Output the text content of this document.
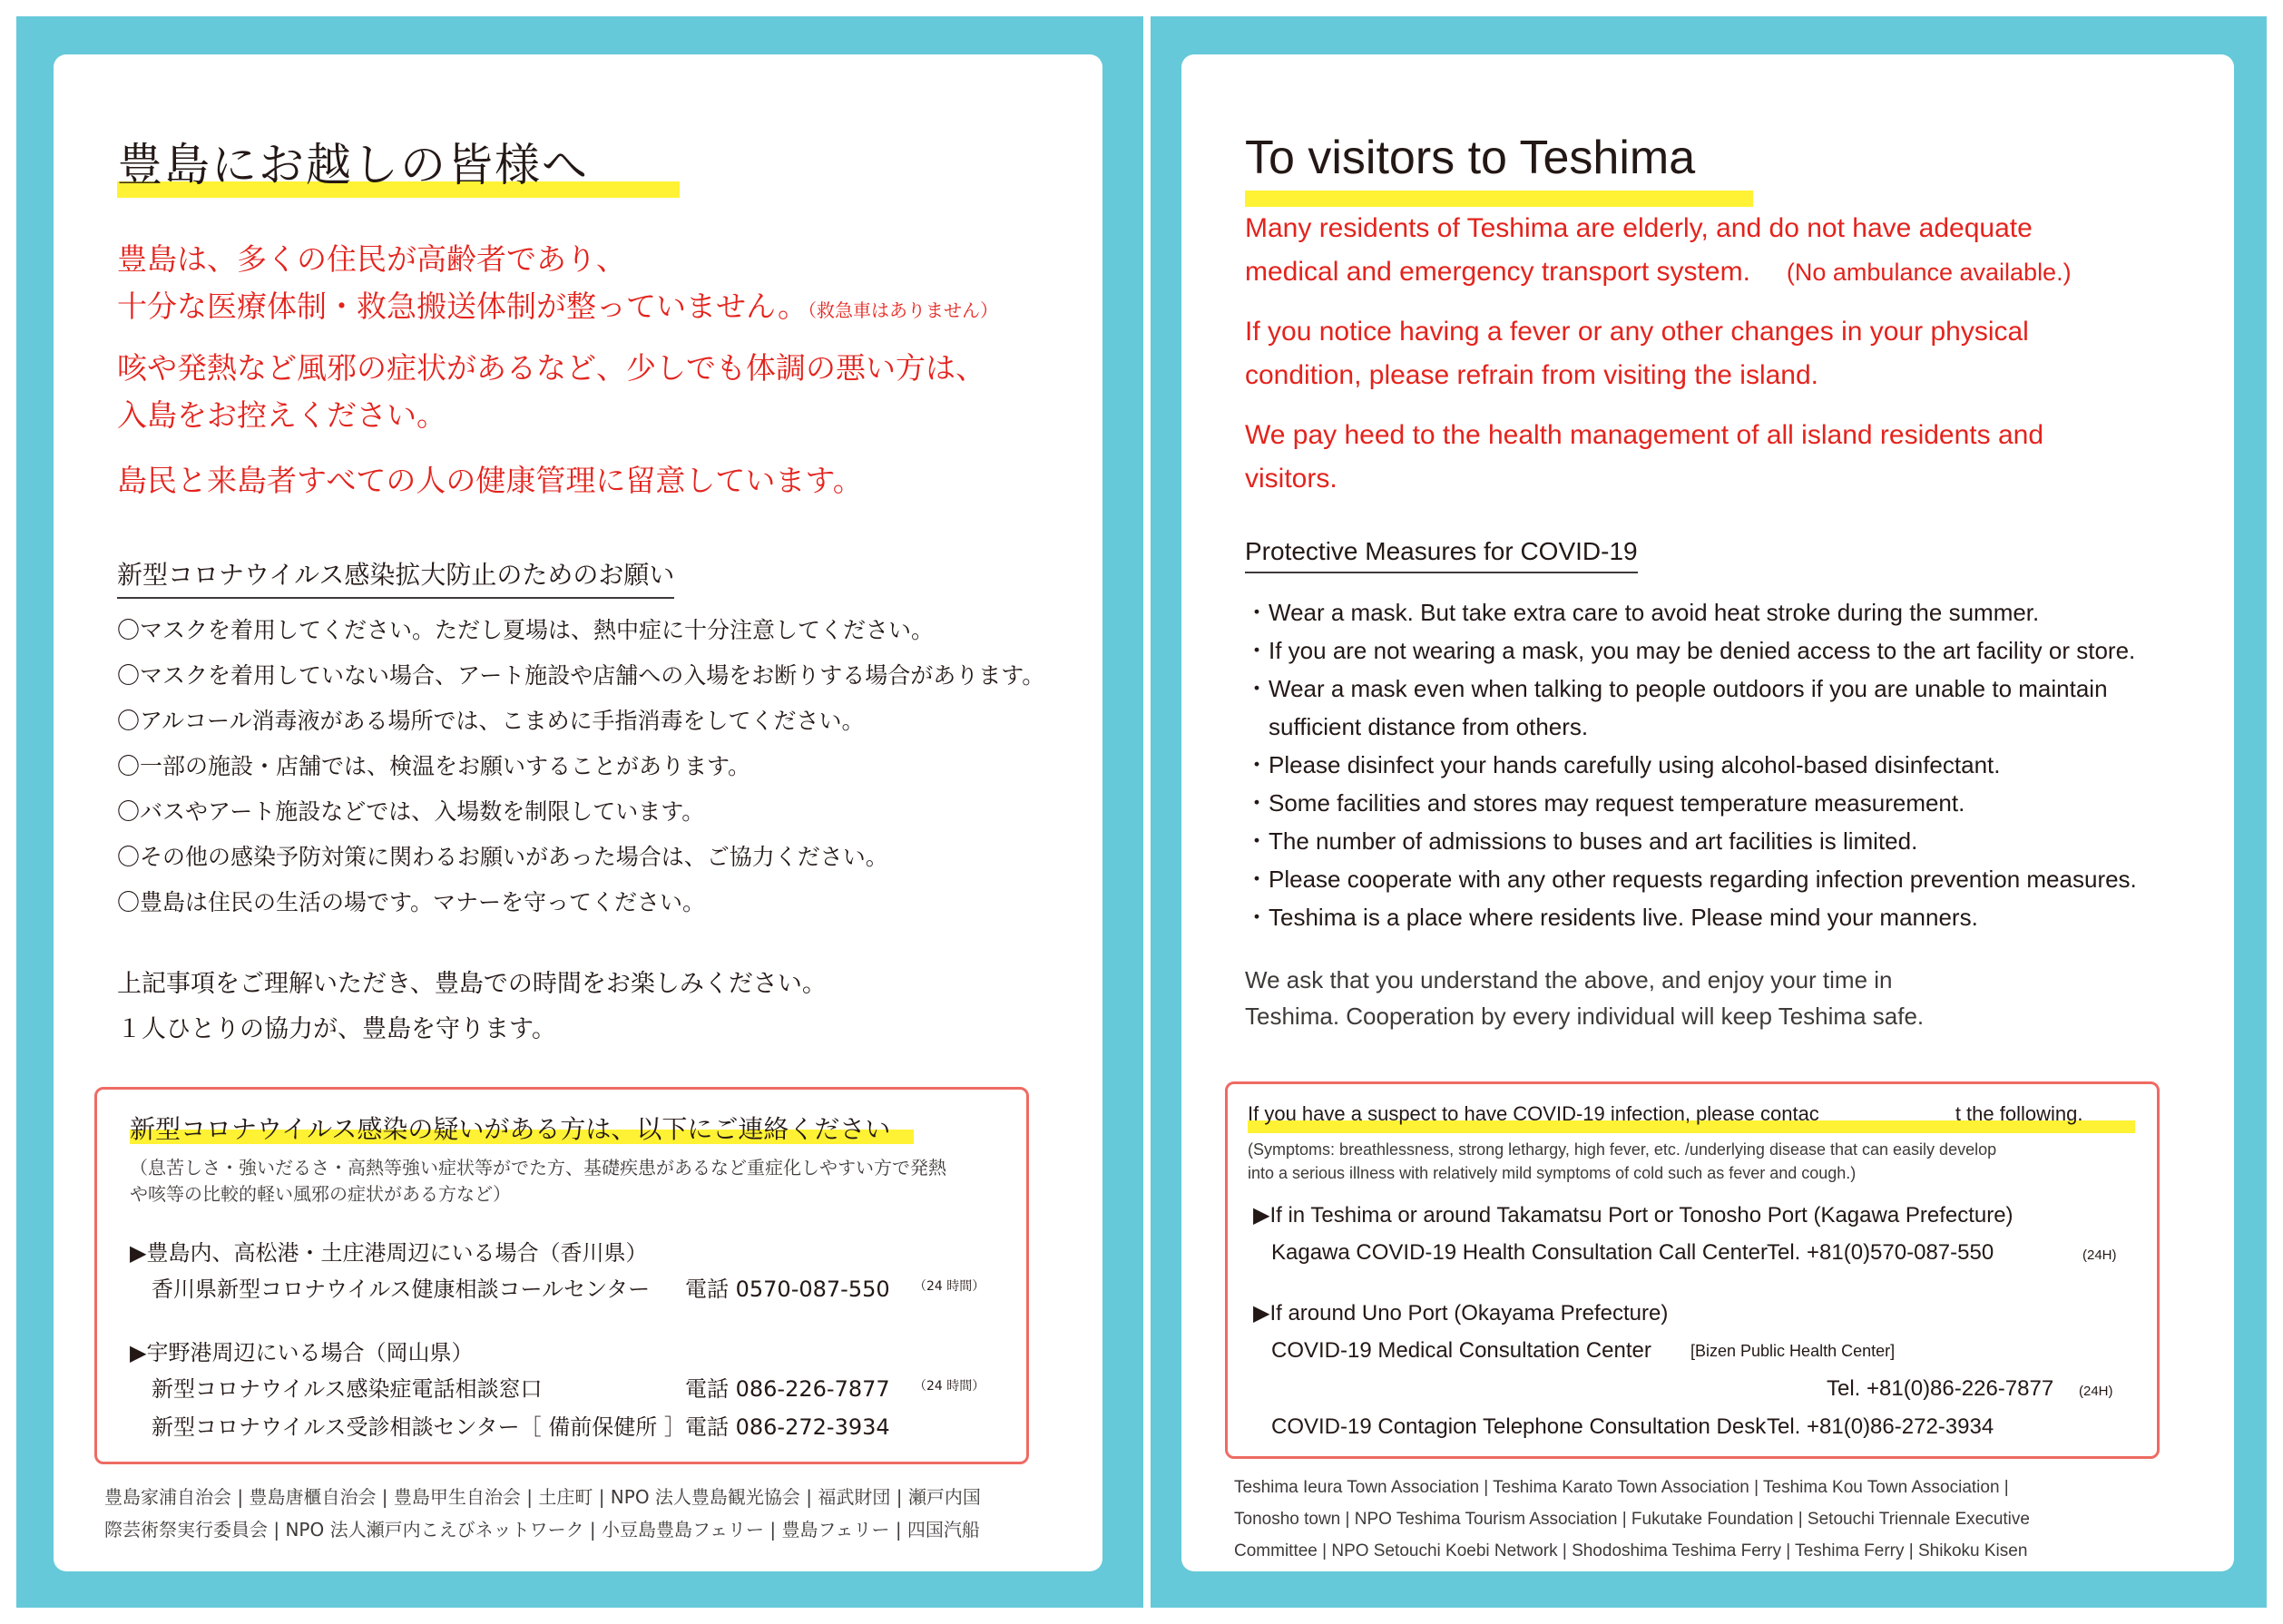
豊島にお越しの皆様へ
豊島は、多くの住民が高齢者であり、
十分な医療体制・救急搬送体制が整っていません。（救急車はありません）
咳や発熱など風邪の症状があるなど、少しでも体調の悪い方は、
入島をお控えください。
島民と来島者すべての人の健康管理に留意しています。
新型コロナウイルス感染拡大防止のためのお願い
〇マスクを着用してください。ただし夏場は、熱中症に十分注意してください。
〇マスクを着用していない場合、アート施設や店舗への入場をお断りする場合があります。
〇アルコール消毒液がある場所では、こまめに手指消毒をしてください。
〇一部の施設・店舗では、検温をお願いすることがあります。
〇バスやアート施設などでは、入場数を制限しています。
〇その他の感染予防対策に関わるお願いがあった場合は、ご協力ください。
〇豊島は住民の生活の場です。マナーを守ってください。
上記事項をご理解いただき、豊島での時間をお楽しみください。
１人ひとりの協力が、豊島を守ります。
新型コロナウイルス感染の疑いがある方は、以下にご連絡ください
（息苦しさ・強いだるさ・高熱等強い症状等がでた方、基礎疾患があるなど重症化しやすい方で発熱
や咳等の比較的軽い風邪の症状がある方など）
▶豊島内、高松港・土庄港周辺にいる場合（香川県）
香川県新型コロナウイルス健康相談コールセンター 電話 0570-087-550 （24 時間）
▶宇野港周辺にいる場合（岡山県）
新型コロナウイルス感染症電話相談窓口	電話 086-226-7877 （24 時間）
新型コロナウイルス受診相談センター［ 備前保健所 ］ 電話 086-272-3934
豊島家浦自治会 | 豊島唐櫃自治会 | 豊島甲生自治会 | 土庄町 | NPO 法人豊島観光協会 | 福武財団 | 瀬戸内国
際芸術祭実行委員会 | NPO 法人瀬戸内こえびネットワーク | 小豆島豊島フェリー | 豊島フェリー | 四国汽船
To visitors to Teshima
Many residents of Teshima are elderly, and do not have adequate
medical and emergency transport system. (No ambulance available.)
If you notice having a fever or any other changes in your physical
condition, please refrain from visiting the island.
We pay heed to the health management of all island residents and
visitors.
Protective Measures for COVID-19
・Wear a mask. But take extra care to avoid heat stroke during the summer.
・If you are not wearing a mask, you may be denied access to the art facility or store.
・Wear a mask even when talking to people outdoors if you are unable to maintain
sufficient distance from others.
・Please disinfect your hands carefully using alcohol-based disinfectant.
・Some facilities and stores may request temperature measurement.
・The number of admissions to buses and art facilities is limited.
・Please cooperate with any other requests regarding infection prevention measures.
・Teshima is a place where residents live. Please mind your manners.
We ask that you understand the above, and enjoy your time in
Teshima. Cooperation by every individual will keep Teshima safe.
If you have a suspect to have COVID-19 infection, please contac	t the following.
(Symptoms: breathlessness, strong lethargy, high fever, etc. /underlying disease that can easily develop
into a serious illness with relatively mild symptoms of cold such as fever and cough.)
▶If in Teshima or around Takamatsu Port or Tonosho Port (Kagawa Prefecture)
Kagawa COVID-19 Health Consultation Call Center Tel. +81(0)570-087-550	(24H)
▶If around Uno Port (Okayama Prefecture)
COVID-19 Medical Consultation Center [Bizen Public Health Center]
Tel. +81(0)86-226-7877 (24H)
COVID-19 Contagion Telephone Consultation Desk Tel. +81(0)86-272-3934
Teshima Ieura Town Association | Teshima Karato Town Association | Teshima Kou Town Association |
Tonosho town | NPO Teshima Tourism Association | Fukutake Foundation | Setouchi Triennale Executive
Committee | NPO Setouchi Koebi Network | Shodoshima Teshima Ferry | Teshima Ferry | Shikoku Kisen
